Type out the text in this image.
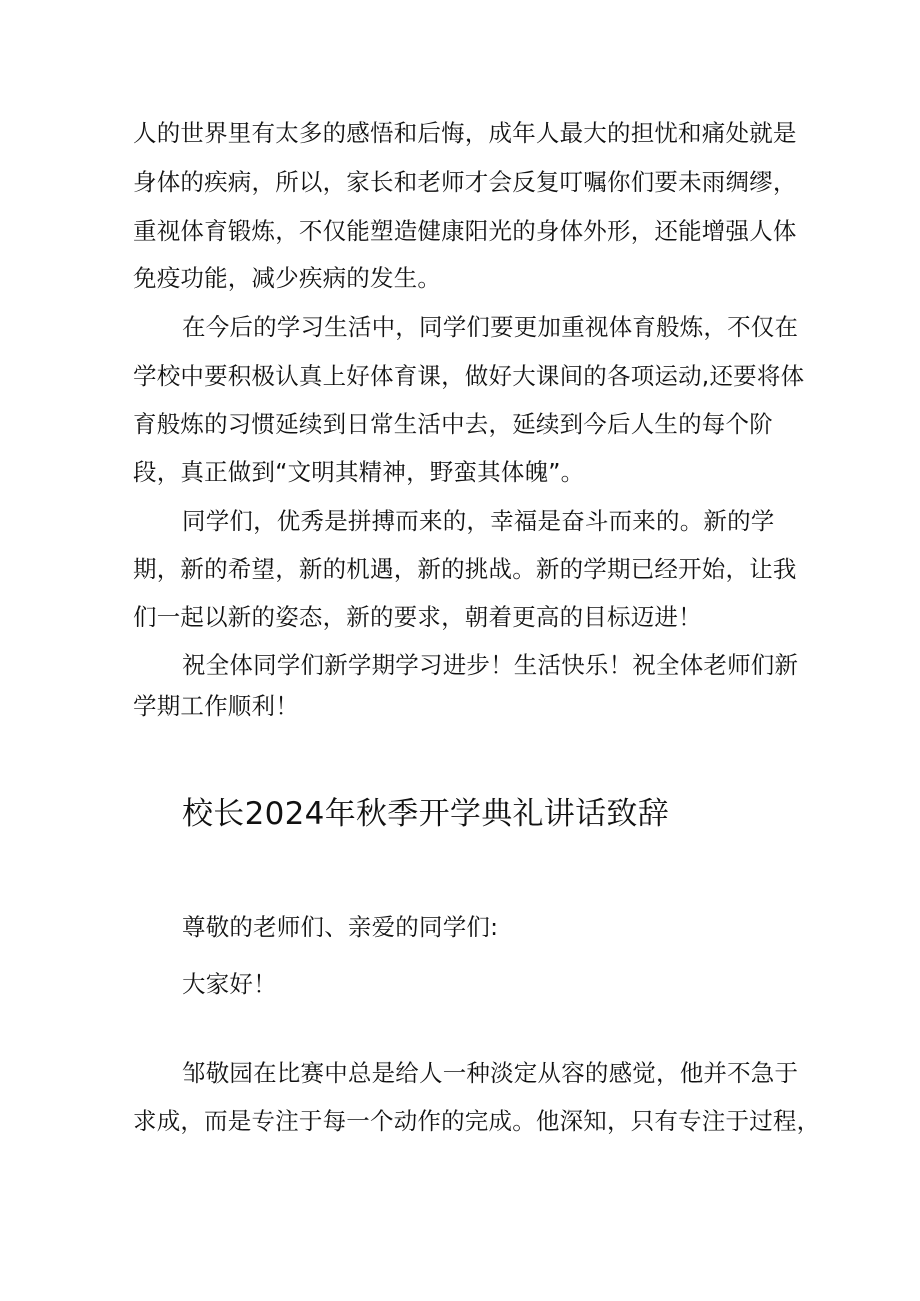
人的世界里有太多的感悟和后悔，成年人最大的担忧和痛处就是
身体的疾病，所以，家长和老师才会反复叮嘱你们要未雨绸缪，
重视体育锻炼，不仅能塑造健康阳光的身体外形，还能增强人体
免疫功能，减少疾病的发生。
在今后的学习生活中，同学们要更加重视体育般炼，不仅在
学校中要积极认真上好体育课，做好大课间的各项运动,还要将体
育般炼的习惯延续到日常生活中去，延续到今后人生的每个阶
段，真正做到“文明其精神，野蛮其体魄”。
同学们，优秀是拼搏而来的，幸福是奋斗而来的。新的学
期，新的希望，新的机遇，新的挑战。新的学期已经开始，让我
们一起以新的姿态，新的要求，朝着更高的目标迈进！
祝全体同学们新学期学习进步！生活快乐！祝全体老师们新
学期工作顺利！
校长2024年秋季开学典礼讲话致辞
尊敬的老师们、亲爱的同学们:
大家好！
邹敬园在比赛中总是给人一种淡定从容的感觉，他并不急于
求成，而是专注于每一个动作的完成。他深知，只有专注于过程，
